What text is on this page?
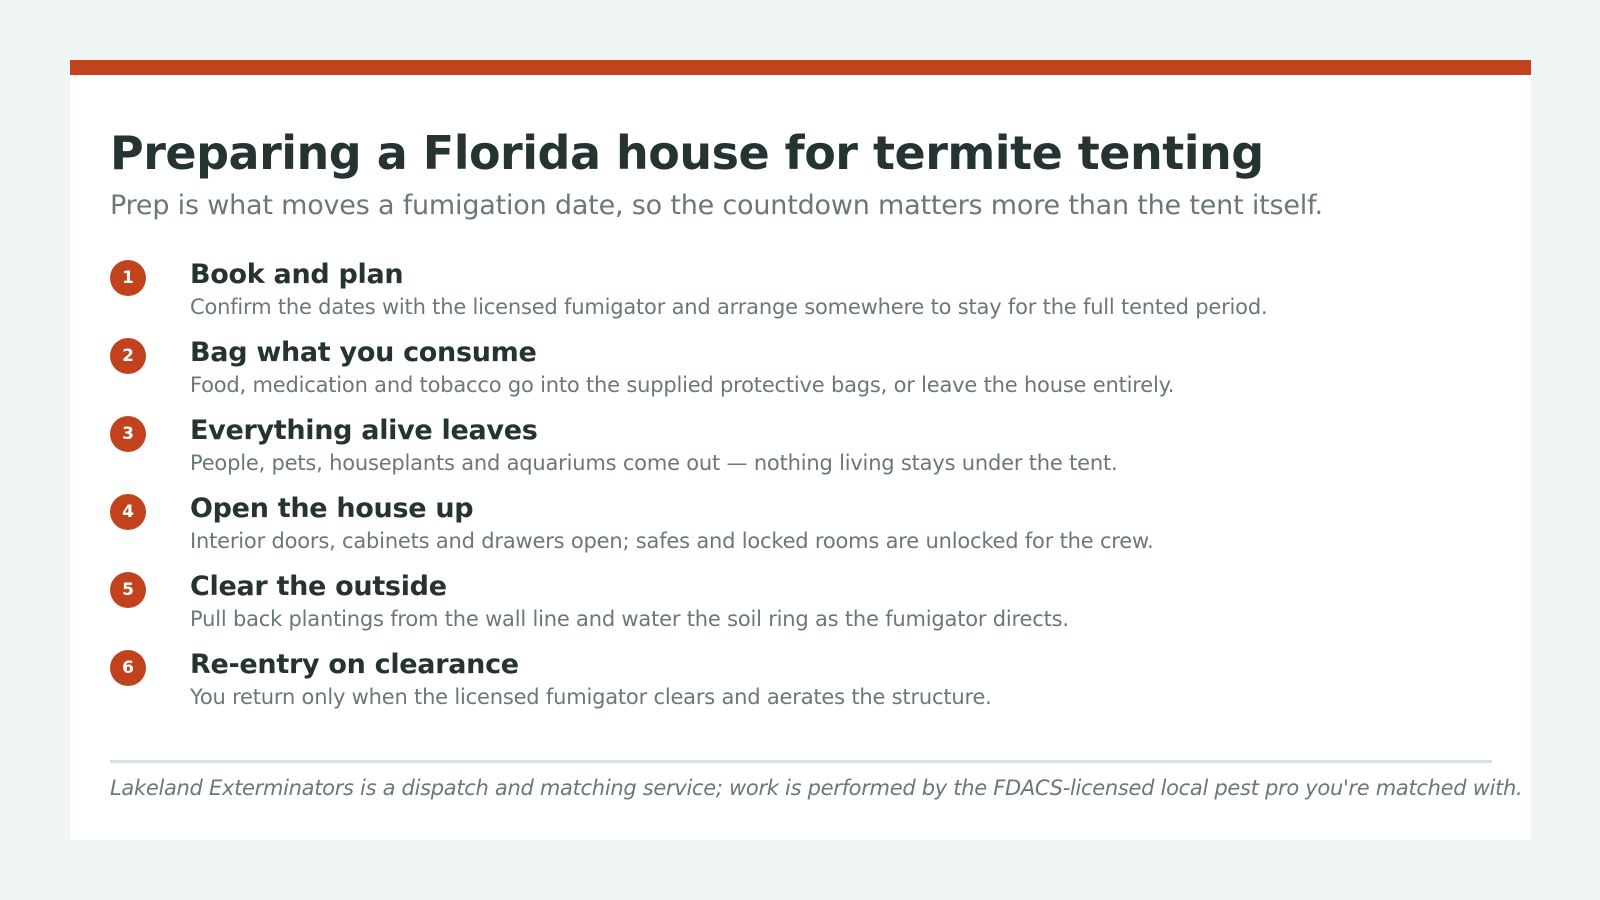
Preparing a Florida house for termite tenting

Prep is what moves a fumigation date, so the countdown matters more than the tent itself.

1	Book and plan

Confirm the dates with the licensed fumigator and arrange somewhere to stay for the full tented period.

2	Bag what you consume

Food, medication and tobacco go into the supplied protective bags, or leave the house entirely.

3	Everything alive leaves

People, pets, houseplants and aquariums come out — nothing living stays under the tent.

4	Open the house up

Interior doors, cabinets and drawers open; safes and locked rooms are unlocked for the crew.

5	Clear the outside

Pull back plantings from the wall line and water the soil ring as the fumigator directs.

6	Re-entry on clearance

You return only when the licensed fumigator clears and aerates the structure.

Lakeland Exterminators is a dispatch and matching service; work is performed by the FDACS-licensed local pest pro you're matched with.
